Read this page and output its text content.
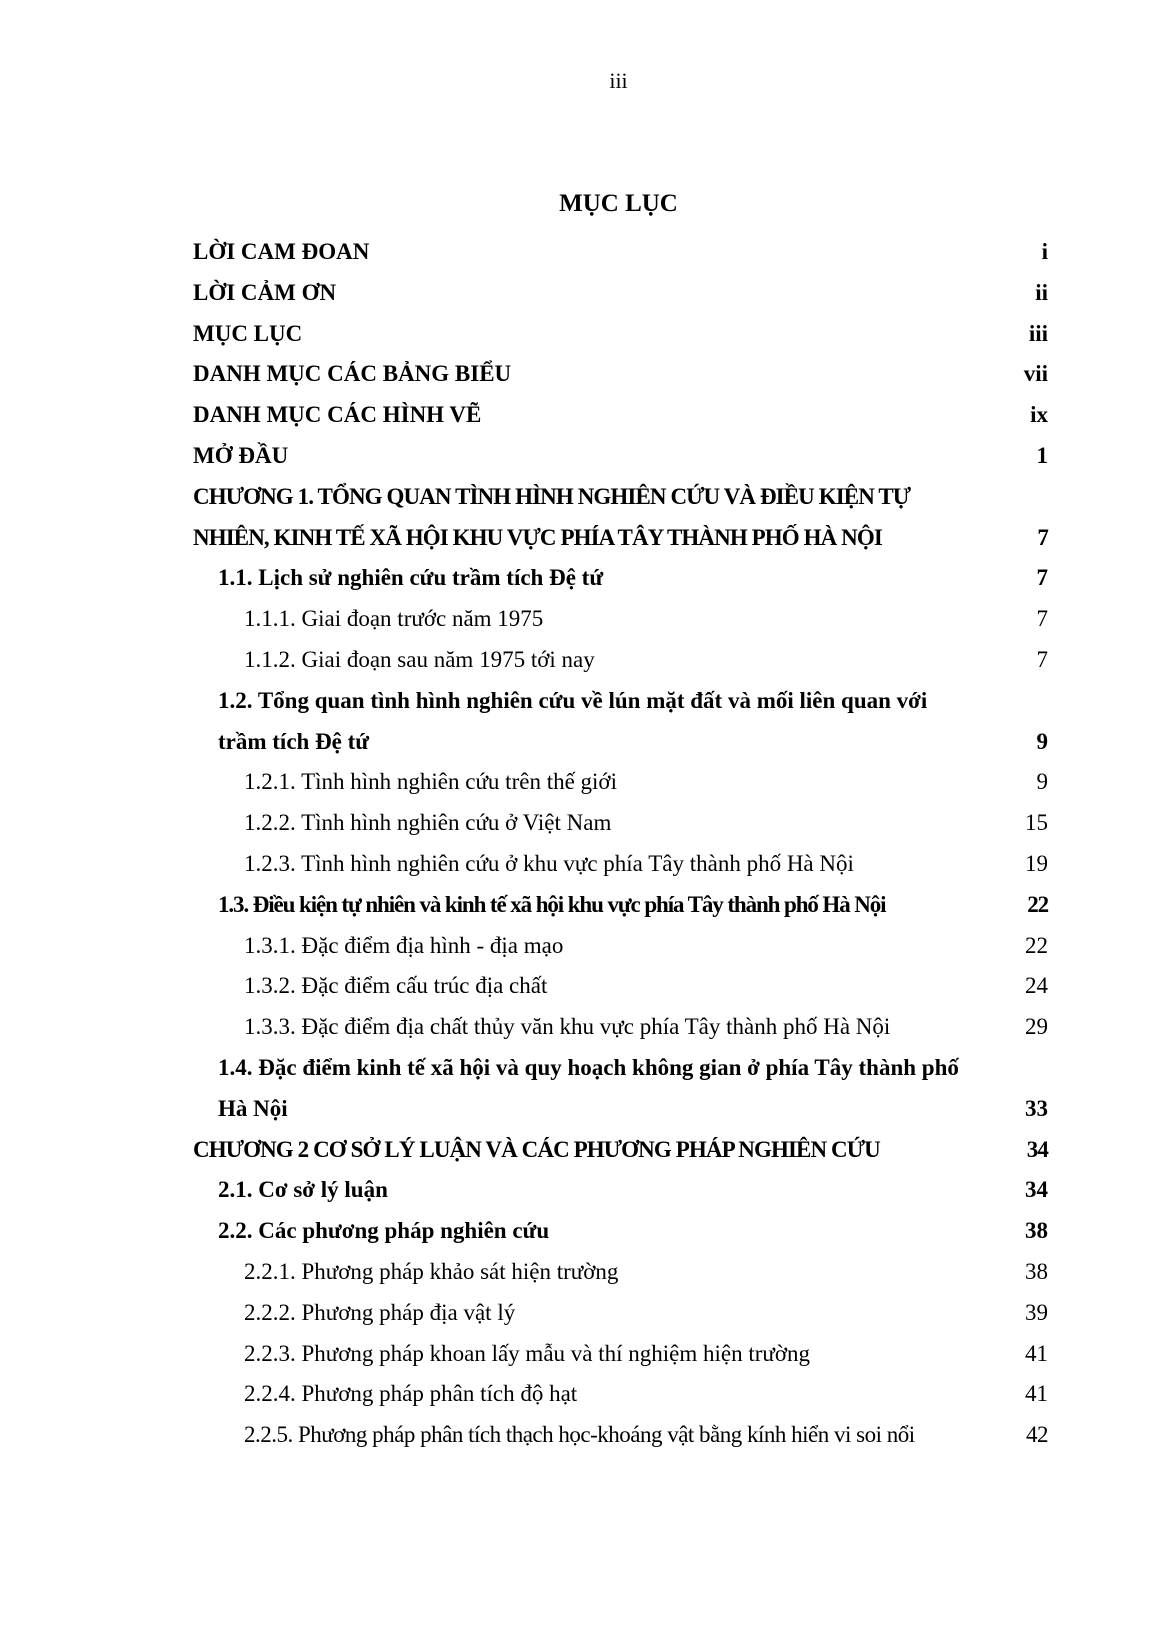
iii
MỤC LỤC
LỜI CAM ĐOAN	i
LỜI CẢM ƠN	ii
MỤC LỤC	iii
DANH MỤC CÁC BẢNG BIỂU	vii
DANH MỤC CÁC HÌNH VẼ	ix
MỞ ĐẦU	1
CHƯƠNG 1. TỔNG QUAN TÌNH HÌNH NGHIÊN CỨU VÀ ĐIỀU KIỆN TỰ
NHIÊN, KINH TẾ XÃ HỘI KHU VỰC PHÍA TÂY THÀNH PHỐ HÀ NỘI	7
1.1. Lịch sử nghiên cứu trầm tích Đệ tứ	7
1.1.1. Giai đoạn trước năm 1975	7
1.1.2. Giai đoạn sau năm 1975 tới nay	7
1.2. Tổng quan tình hình nghiên cứu về lún mặt đất và mối liên quan với
trầm tích Đệ tứ	9
1.2.1. Tình hình nghiên cứu trên thế giới	9
1.2.2. Tình hình nghiên cứu ở Việt Nam	15
1.2.3. Tình hình nghiên cứu ở khu vực phía Tây thành phố Hà Nội	19
1.3. Điều kiện tự nhiên và kinh tế xã hội khu vực phía Tây thành phố Hà Nội	22
1.3.1. Đặc điểm địa hình - địa mạo	22
1.3.2. Đặc điểm cấu trúc địa chất	24
1.3.3. Đặc điểm địa chất thủy văn khu vực phía Tây thành phố Hà Nội	29
1.4. Đặc điểm kinh tế xã hội và quy hoạch không gian ở phía Tây thành phố
Hà Nội	33
CHƯƠNG 2 CƠ SỞ LÝ LUẬN VÀ CÁC PHƯƠNG PHÁP NGHIÊN CỨU	34
2.1. Cơ sở lý luận	34
2.2. Các phương pháp nghiên cứu	38
2.2.1. Phương pháp khảo sát hiện trường	38
2.2.2. Phương pháp địa vật lý	39
2.2.3. Phương pháp khoan lấy mẫu và thí nghiệm hiện trường	41
2.2.4. Phương pháp phân tích độ hạt	41
2.2.5. Phương pháp phân tích thạch học-khoáng vật bằng kính hiển vi soi nổi	42
